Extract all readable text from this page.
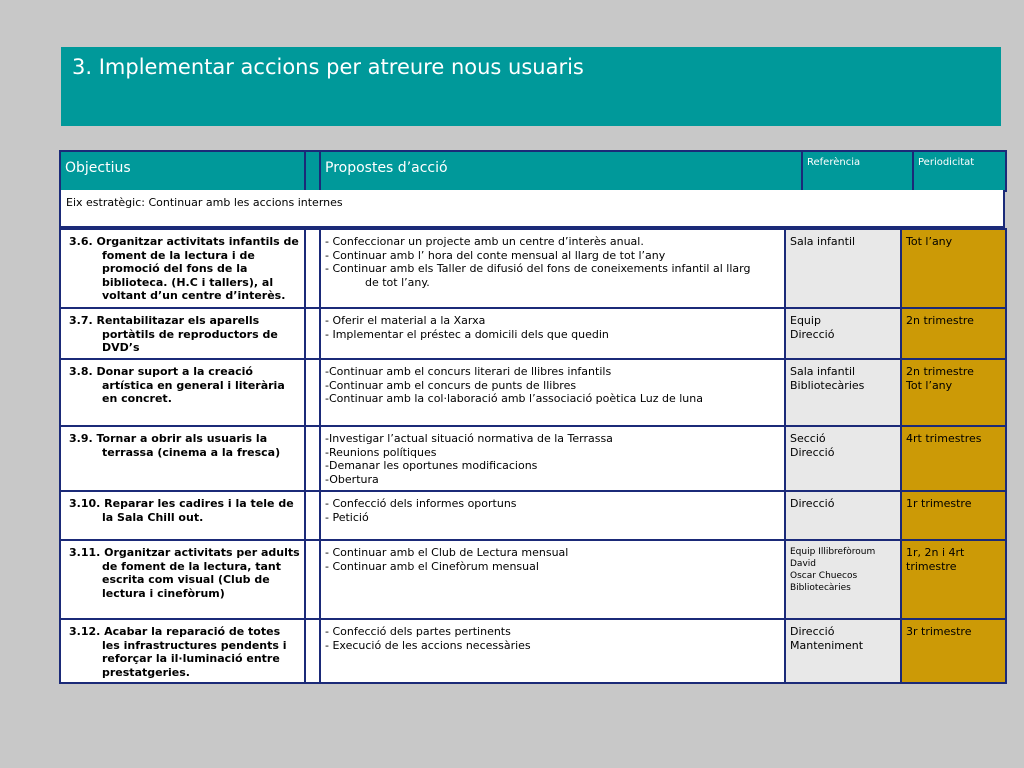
3. Implementar accions per atreure nous usuaris
Objectius		Propostes d’acció	Referència	Periodicitat
Eix estratègic: Continuar amb les accions internes
3.6. Organitzar activitats infantils de foment de la lectura i de promoció del fons de la biblioteca. (H.C i tallers), al voltant d’un centre d’interès.		- Confeccionar un projecte amb un centre d’interès anual.
- Continuar amb l’ hora del conte mensual al llarg de tot l’any
- Continuar amb els Taller de difusió del fons de coneixements infantil al llarg
de tot l’any.	Sala infantil	Tot l’any

3.7. Rentabilitazar els aparells portàtils de reproductors de DVD’s		- Oferir el material a la Xarxa
- Implementar el préstec a domicili dels que quedin	Equip
Direcció	2n trimestre

3.8. Donar suport a la creació artística en general i literària en concret.		-Continuar amb el concurs literari de llibres infantils
-Continuar amb el concurs de punts de llibres
-Continuar amb la col·laboració amb l’associació poètica Luz de luna	Sala infantil
Bibliotecàries	2n trimestre
Tot l’any

3.9. Tornar a obrir als usuaris la terrassa (cinema a la fresca)		-Investigar l’actual situació normativa de la Terrassa
-Reunions polítiques
-Demanar les oportunes modificacions
-Obertura	Secció
Direcció	4rt trimestres

3.10. Reparar les cadires i la tele de la Sala Chill out.		- Confecció dels informes oportuns
- Petició	Direcció	1r trimestre

3.11. Organitzar activitats per adults de foment de la lectura, tant escrita com visual (Club de lectura i cinefòrum)		- Continuar amb el Club de Lectura mensual
- Continuar amb el Cinefòrum mensual	Equip Illibrefòroum
David
Oscar Chuecos
Bibliotecàries	1r, 2n i 4rt
trimestre

3.12. Acabar la reparació de totes les infrastructures pendents i reforçar la il·luminació entre prestatgeries.		- Confecció dels partes pertinents
- Execució de les accions necessàries	Direcció
Manteniment	3r trimestre
